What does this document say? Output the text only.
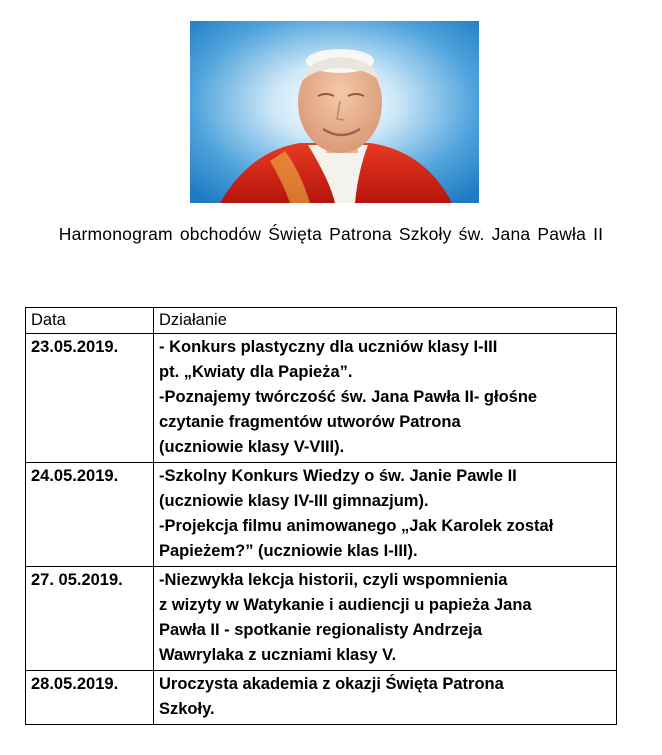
Harmonogram obchodów Święta Patrona Szkoły św. Jana Pawła II
Data	Działanie
23.05.2019.	- Konkurs plastyczny dla uczniów klasy I-III
pt. „Kwiaty dla Papieża”.
-Poznajemy twórczość św. Jana Pawła II- głośne
czytanie fragmentów utworów Patrona
(uczniowie klasy V-VIII).

24.05.2019.	-Szkolny Konkurs Wiedzy o św. Janie Pawle II
(uczniowie klasy IV-III gimnazjum).
-Projekcja filmu animowanego „Jak Karolek został
Papieżem?” (uczniowie klas I-III).

27. 05.2019.	-Niezwykła lekcja historii, czyli wspomnienia
z wizyty w Watykanie i audiencji u papieża Jana
Pawła II - spotkanie regionalisty Andrzeja
Wawrylaka z uczniami klasy V.

28.05.2019.	Uroczysta akademia z okazji Święta Patrona
Szkoły.
